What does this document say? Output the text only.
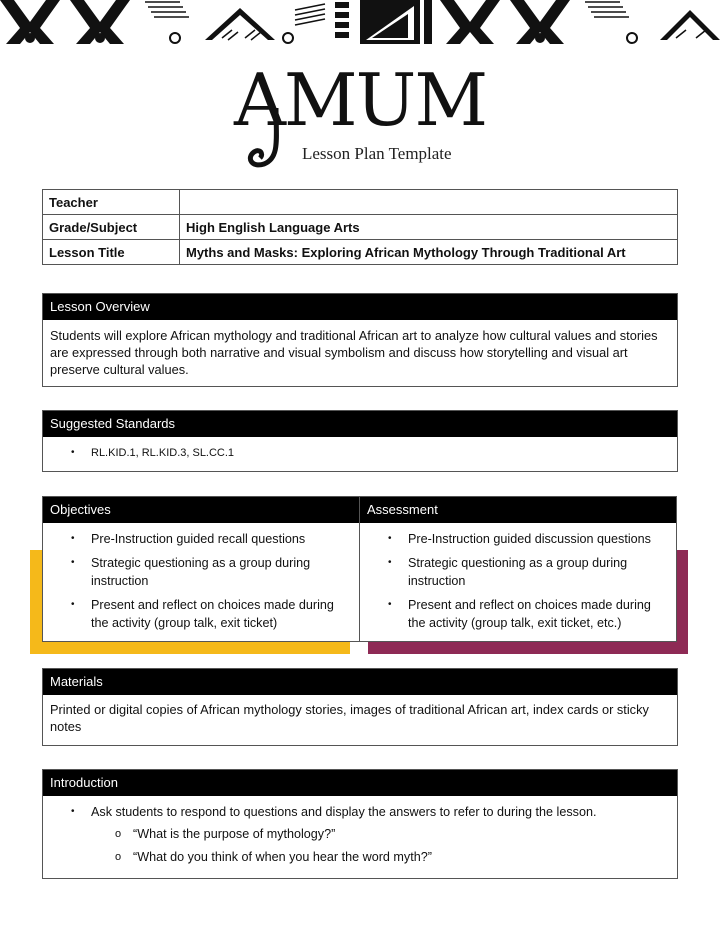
AMUM
Lesson Plan Template
Teacher	
Grade/Subject	High English Language Arts
Lesson Title	Myths and Masks: Exploring African Mythology Through Traditional Art
Lesson Overview
Students will explore African mythology and traditional African art to analyze how cultural values and stories are expressed through both narrative and visual symbolism and discuss how storytelling and visual art preserve cultural values.
Suggested Standards
• RL.KID.1, RL.KID.3, SL.CC.1
Objectives
• Pre-Instruction guided recall questions
• Strategic questioning as a group during instruction
• Present and reflect on choices made during the activity (group talk, exit ticket)
Assessment
• Pre-Instruction guided discussion questions
• Strategic questioning as a group during instruction
• Present and reflect on choices made during the activity (group talk, exit ticket, etc.)
Materials
Printed or digital copies of African mythology stories, images of traditional African art, index cards or sticky notes
Introduction
• Ask students to respond to questions and display the answers to refer to during the lesson.
o “What is the purpose of mythology?”
o “What do you think of when you hear the word myth?”
